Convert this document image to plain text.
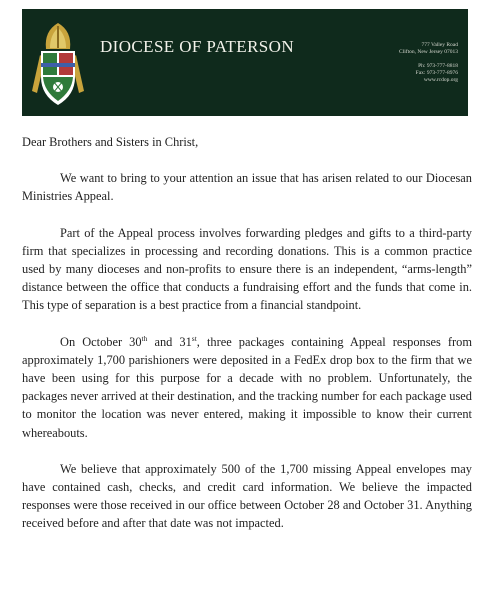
DIOCESE OF PATERSON	777 Valley Road
Clifton, New Jersey 07013
Ph: 973-777-8818
Fax: 973-777-8976
www.rcdop.org

Dear Brothers and Sisters in Christ,

We want to bring to your attention an issue that has arisen related to our Diocesan Ministries Appeal.

Part of the Appeal process involves forwarding pledges and gifts to a third-party firm that specializes in processing and recording donations. This is a common practice used by many dioceses and non-profits to ensure there is an independent, “arms-length” distance between the office that conducts a fundraising effort and the funds that come in. This type of separation is a best practice from a financial standpoint.

On October 30th and 31st, three packages containing Appeal responses from approximately 1,700 parishioners were deposited in a FedEx drop box to the firm that we have been using for this purpose for a decade with no problem. Unfortunately, the packages never arrived at their destination, and the tracking number for each package used to monitor the location was never entered, making it impossible to know their current whereabouts.

We believe that approximately 500 of the 1,700 missing Appeal envelopes may have contained cash, checks, and credit card information. We believe the impacted responses were those received in our office between October 28 and October 31. Anything received before and after that date was not impacted.
